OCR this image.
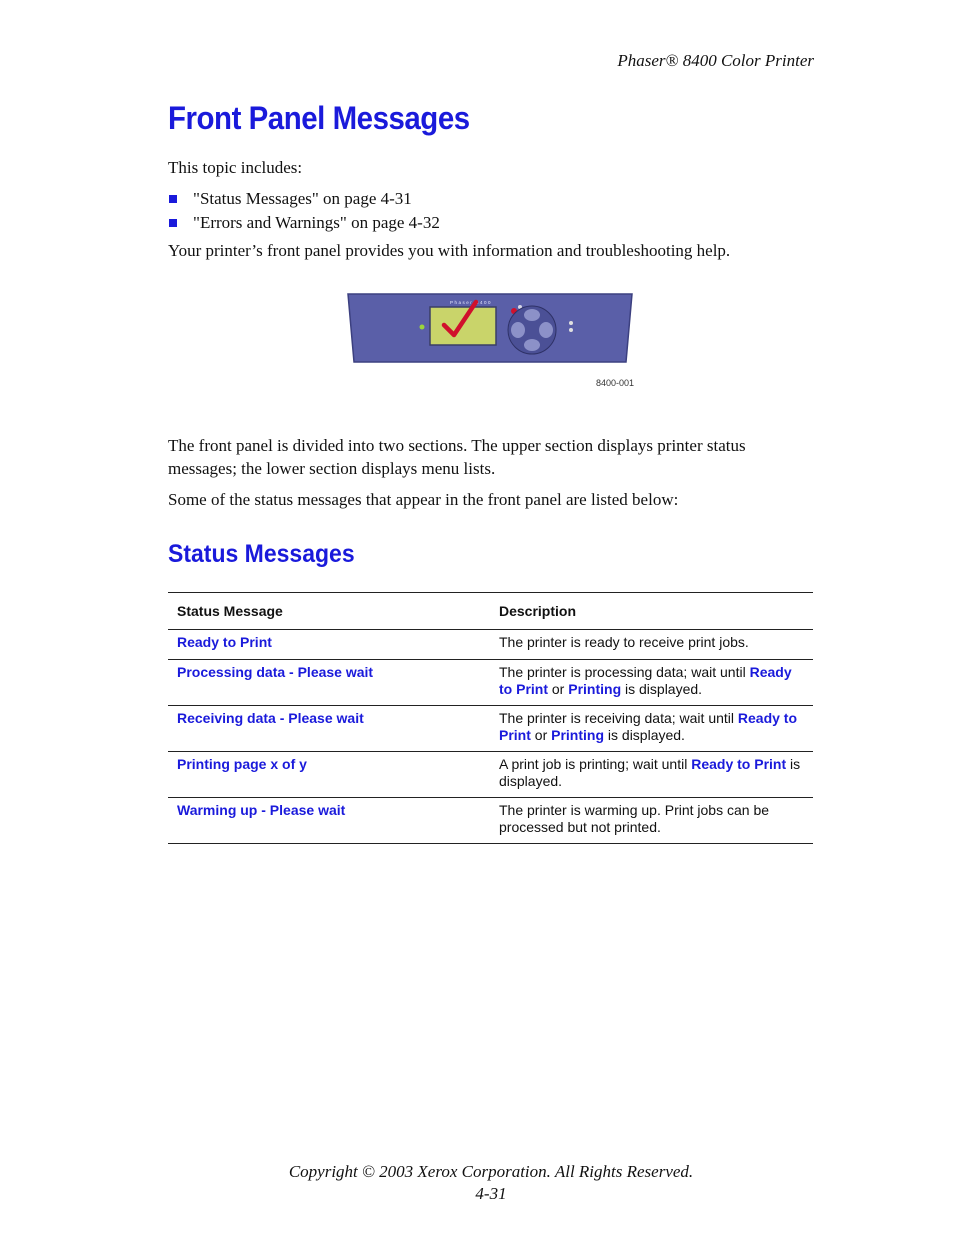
Phaser® 8400 Color Printer
Front Panel Messages

This topic includes:

"Status Messages" on page 4-31
"Errors and Warnings" on page 4-32

Your printer’s front panel provides you with information and troubleshooting help.

Phaser 8400
8400-001

The front panel is divided into two sections. The upper section displays printer status
messages; the lower section displays menu lists.

Some of the status messages that appear in the front panel are listed below:

Status Messages
Status Message	Description
Ready to Print	The printer is ready to receive print jobs.
Processing data - Please wait	The printer is processing data; wait until Ready to Print or Printing is displayed.
Receiving data - Please wait	The printer is receiving data; wait until Ready to Print or Printing is displayed.
Printing page x of y	A print job is printing; wait until Ready to Print is displayed.
Warming up - Please wait	The printer is warming up. Print jobs can be processed but not printed.
Copyright © 2003 Xerox Corporation. All Rights Reserved.
4-31
